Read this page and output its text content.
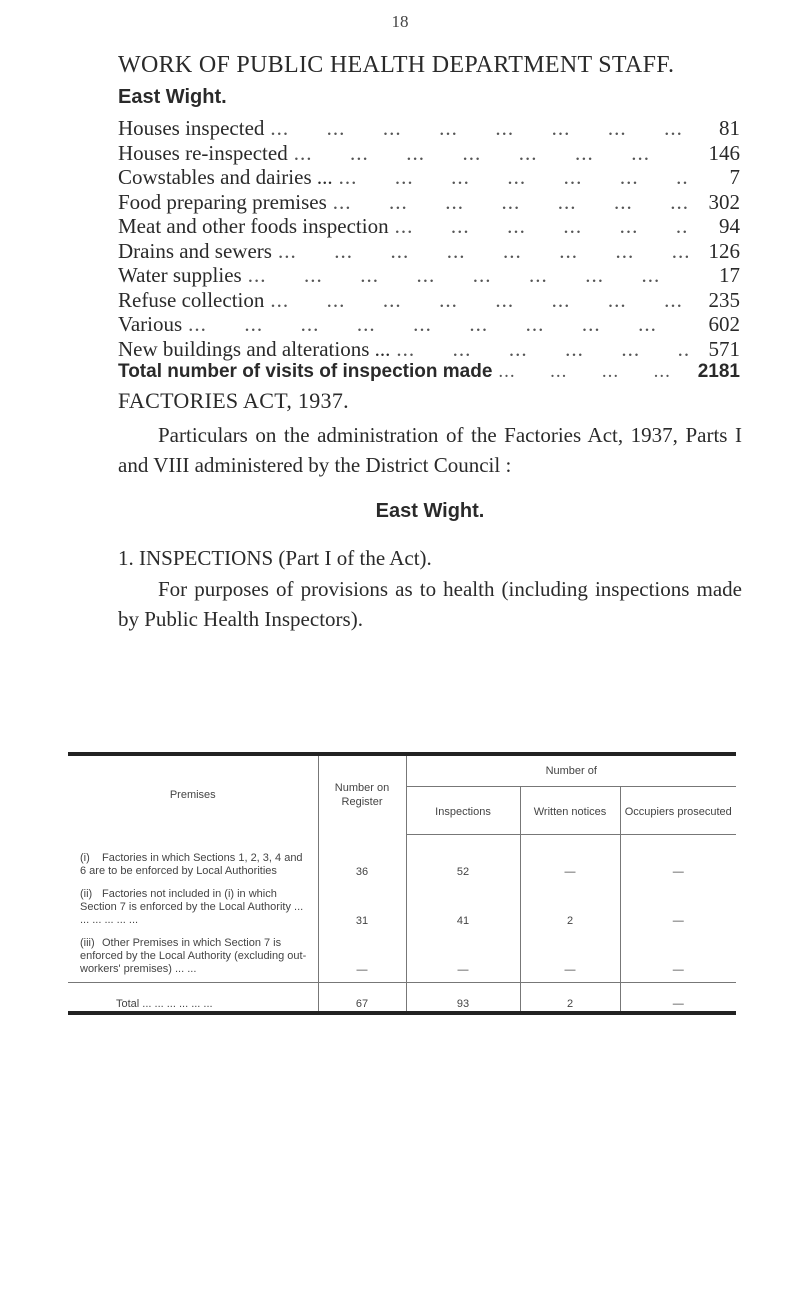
18
WORK OF PUBLIC HEALTH DEPARTMENT STAFF.
East Wight.
Houses inspected ...	81
Houses re-inspected ...	146
Cowstables and dairies ... ...	7
Food preparing premises ...	302
Meat and other foods inspection ...	94
Drains and sewers ...	126
Water supplies ...	17
Refuse collection ...	235
Various ...	602
New buildings and alterations ... ...	571
Total number of visits of inspection made ...	2181
FACTORIES ACT, 1937.

Particulars on the administration of the Factories Act, 1937, Parts I and VIII administered by the District Council :

East Wight.
1. INSPECTIONS (Part I of the Act).

For purposes of provisions as to health (including inspections made by Public Health Inspectors).

Premises	Number on Register	Number of		
		Inspections	Written notices	Occupiers prosecuted
(i) Factories in which Sections 1, 2, 3, 4 and 6 are to be enforced by Local Authorities	36	52	—	—
(ii) Factories not included in (i) in which Section 7 is enforced by the Local Authority ... ... ... ... ... ...	31	41	2	—
(iii) Other Premises in which Section 7 is enforced by the Local Authority (excluding out-workers' premises) ... ...	—	—	—	—
Total ... ... ... ... ... ...	67	93	2	—
